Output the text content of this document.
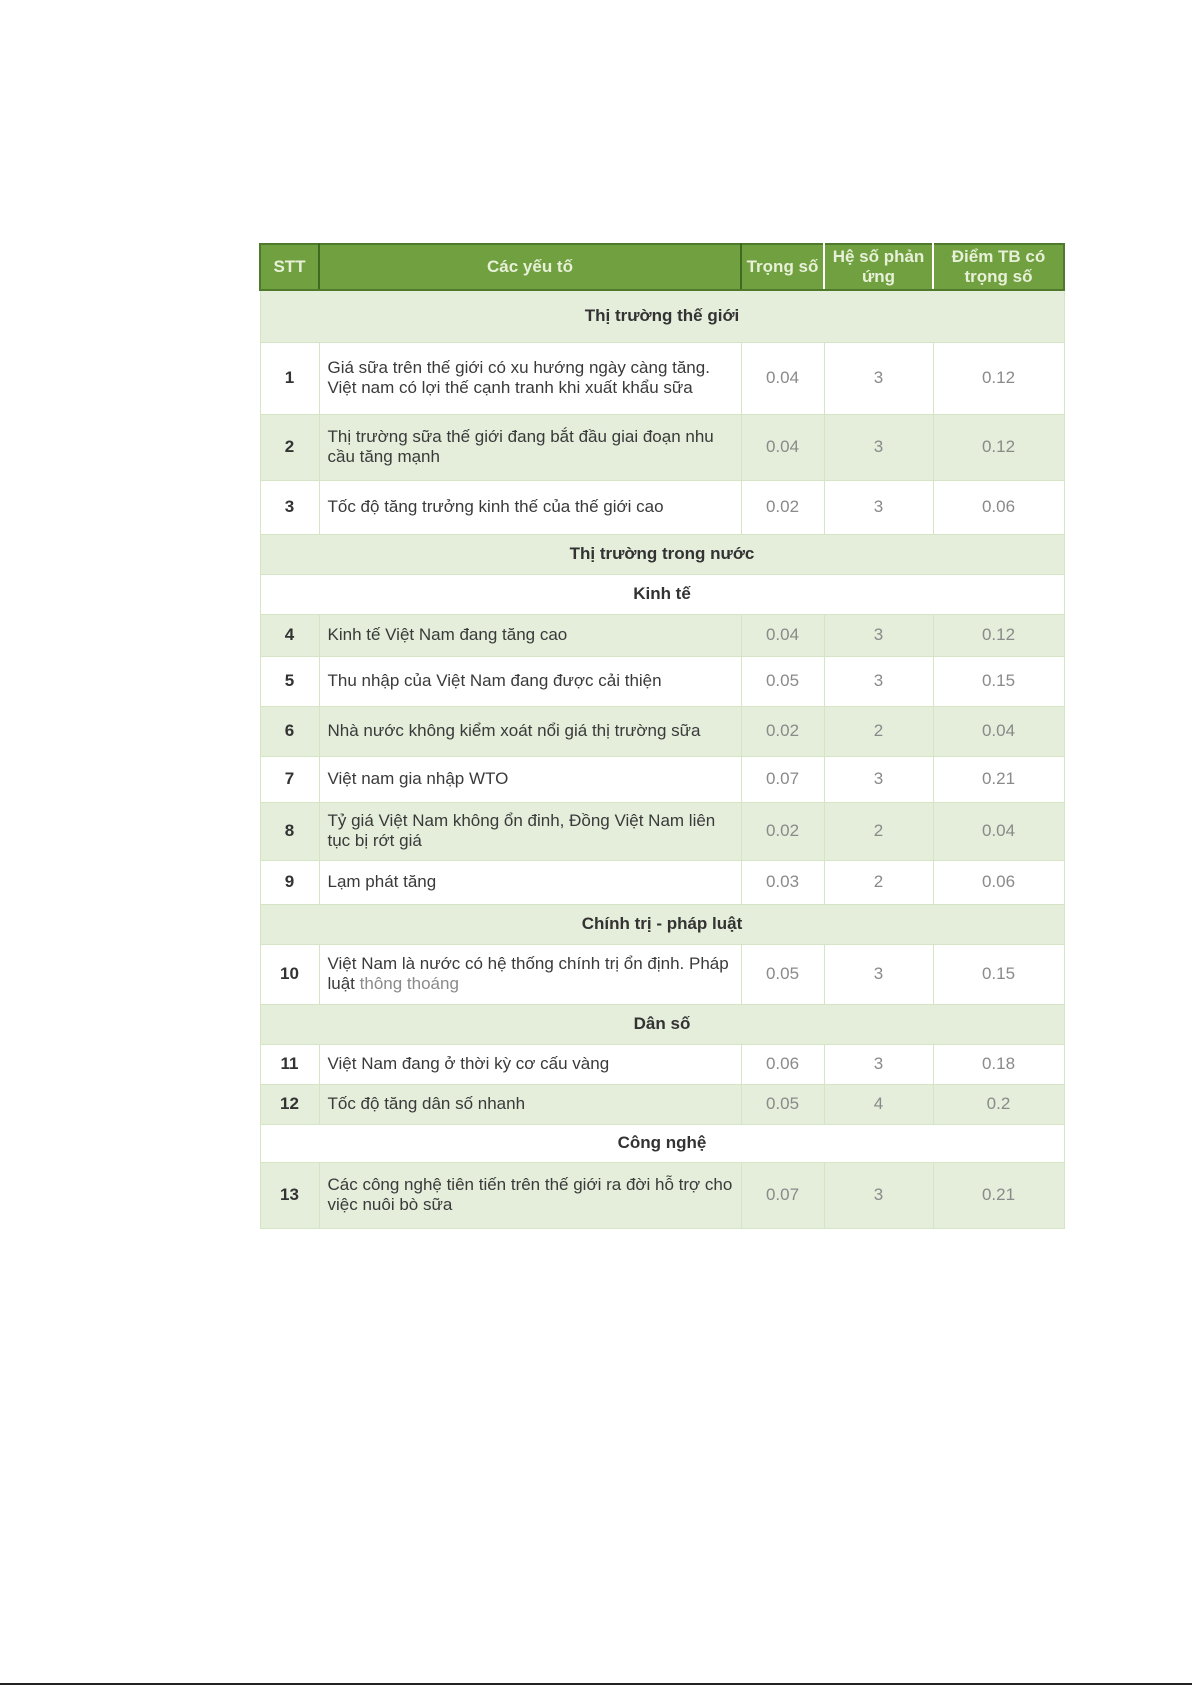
STT	Các yếu tố	Trọng số	Hệ số phản ứng	Điểm TB có trọng số
Thị trường thế giới				
1	Giá sữa trên thế giới có xu hướng ngày càng tăng. Việt nam có lợi thế cạnh tranh khi xuất khẩu sữa	0.04	3	0.12
2	Thị trường sữa thế giới đang bắt đầu giai đoạn nhu cầu tăng mạnh	0.04	3	0.12
3	Tốc độ tăng trưởng kinh thế của thế giới cao	0.02	3	0.06
Thị trường trong nước				
Kinh tế				
4	Kinh tế Việt Nam đang tăng cao	0.04	3	0.12
5	Thu nhập của Việt Nam đang được cải thiện	0.05	3	0.15
6	Nhà nước không kiểm xoát nổi giá thị trường sữa	0.02	2	0.04
7	Việt nam gia nhập WTO	0.07	3	0.21
8	Tỷ giá Việt Nam không ổn đinh, Đồng Việt Nam liên tục bị rớt giá	0.02	2	0.04
9	Lạm phát tăng	0.03	2	0.06
Chính trị - pháp luật				
10	Việt Nam là nước có hệ thống chính trị ổn định. Pháp luật thông thoáng	0.05	3	0.15
Dân số				
11	Việt Nam đang ở thời kỳ cơ cấu vàng	0.06	3	0.18
12	Tốc độ tăng dân số nhanh	0.05	4	0.2
Công nghệ				
13	Các công nghệ tiên tiến trên thế giới ra đời hỗ trợ cho việc nuôi bò sữa	0.07	3	0.21
